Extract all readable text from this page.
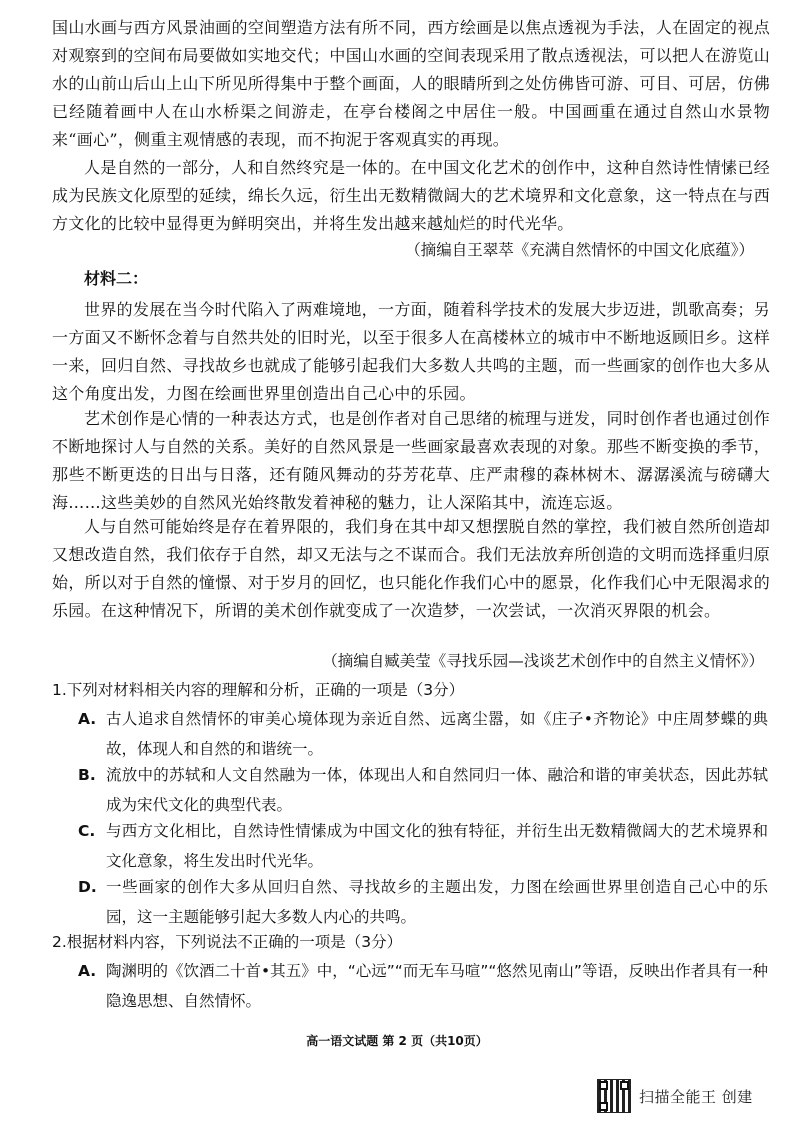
国山水画与西方风景油画的空间塑造方法有所不同，西方绘画是以焦点透视为手法，人在固定的视点对观察到的空间布局要做如实地交代；中国山水画的空间表现采用了散点透视法，可以把人在游览山水的山前山后山上山下所见所得集中于整个画面，人的眼睛所到之处仿佛皆可游、可目、可居，仿佛已经随着画中人在山水桥渠之间游走，在亭台楼阁之中居住一般。中国画重在通过自然山水景物来“画心”，侧重主观情感的表现，而不拘泥于客观真实的再现。

人是自然的一部分，人和自然终究是一体的。在中国文化艺术的创作中，这种自然诗性情愫已经成为民族文化原型的延续，绵长久远，衍生出无数精微阔大的艺术境界和文化意象，这一特点在与西方文化的比较中显得更为鲜明突出，并将生发出越来越灿烂的时代光华。

（摘编自王翠萃《充满自然情怀的中国文化底蕴》）

材料二：

世界的发展在当今时代陷入了两难境地，一方面，随着科学技术的发展大步迈进，凯歌高奏；另一方面又不断怀念着与自然共处的旧时光，以至于很多人在高楼林立的城市中不断地返顾旧乡。这样一来，回归自然、寻找故乡也就成了能够引起我们大多数人共鸣的主题，而一些画家的创作也大多从这个角度出发，力图在绘画世界里创造出自己心中的乐园。

艺术创作是心情的一种表达方式，也是创作者对自己思绪的梳理与迸发，同时创作者也通过创作不断地探讨人与自然的关系。美好的自然风景是一些画家最喜欢表现的对象。那些不断变换的季节，那些不断更迭的日出与日落，还有随风舞动的芬芳花草、庄严肃穆的森林树木、潺潺溪流与磅礴大海……这些美妙的自然风光始终散发着神秘的魅力，让人深陷其中，流连忘返。

人与自然可能始终是存在着界限的，我们身在其中却又想摆脱自然的掌控，我们被自然所创造却又想改造自然，我们依存于自然，却又无法与之不谋而合。我们无法放弃所创造的文明而选择重归原始，所以对于自然的憧憬、对于岁月的回忆，也只能化作我们心中的愿景，化作我们心中无限渴求的乐园。在这种情况下，所谓的美术创作就变成了一次造梦，一次尝试，一次消灭界限的机会。

（摘编自臧美莹《寻找乐园—浅谈艺术创作中的自然主义情怀》）

1.下列对材料相关内容的理解和分析，正确的一项是（3分）

A. 古人追求自然情怀的审美心境体现为亲近自然、远离尘嚣，如《庄子•齐物论》中庄周梦蝶的典故，体现人和自然的和谐统一。
B. 流放中的苏轼和人文自然融为一体，体现出人和自然同归一体、融洽和谐的审美状态，因此苏轼成为宋代文化的典型代表。
C. 与西方文化相比，自然诗性情愫成为中国文化的独有特征，并衍生出无数精微阔大的艺术境界和文化意象，将生发出时代光华。
D. 一些画家的创作大多从回归自然、寻找故乡的主题出发，力图在绘画世界里创造自己心中的乐园，这一主题能够引起大多数人内心的共鸣。

2.根据材料内容，下列说法不正确的一项是（3分）

A. 陶渊明的《饮酒二十首•其五》中，“心远”“而无车马喧”“悠然见南山”等语，反映出作者具有一种隐逸思想、自然情怀。

高一语文试题 第 2 页（共10页）

扫描全能王 创建
